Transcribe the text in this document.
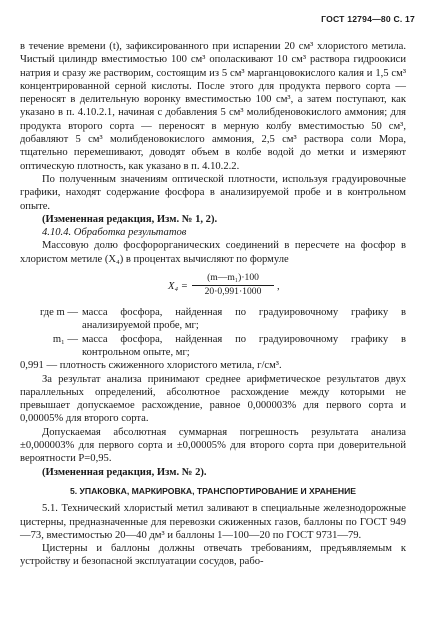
ГОСТ 12794—80 С. 17

в течение времени (t), зафиксированного при испарении 20 см³ хлористого метила. Чистый цилиндр вместимостью 100 см³ ополаскивают 10 см³ раствора гидроокиси натрия и сразу же растворим, состоящим из 5 см³ марганцовокислого калия и 1,5 см³ концентрированной серной кислоты. После этого для продукта первого сорта — переносят в делительную воронку вместимостью 100 см³, а затем поступают, как указано в п. 4.10.2.1, начиная с добавления 5 см³ молибденовокислого аммония; для продукта второго сорта — переносят в мерную колбу вместимостью 50 см³, добавляют 5 см³ молибденовокислого аммония, 2,5 см³ раствора соли Мора, тщательно перемешивают, доводят объем в колбе водой до метки и измеряют оптическую плотность, как указано в п. 4.10.2.2.

По полученным значениям оптической плотности, используя градуировочные графики, находят содержание фосфора в анализируемой пробе и в контрольном опыте.

(Измененная редакция, Изм. № 1, 2).

4.10.4. Обработка результатов

Массовую долю фосфорорганических соединений в пересчете на фосфор в хлористом метиле (X₄) в процентах вычисляют по формуле

$X_4 = \frac{\text{(m—m₁)·100}}{20\cdot 0,991\cdot 1000}$ ,
где m — масса фосфора, найденная по градуировочному графику в анализируемой пробе, мг;
m₁ — масса фосфора, найденная по градуировочному графику в контрольном опыте, мг;

0,991 — плотность сжиженного хлористого метила, г/см³.

За результат анализа принимают среднее арифметическое результатов двух параллельных определений, абсолютное расхождение между которыми не превышает допускаемое расхождение, равное 0,000003% для первого сорта и 0,00005% для второго сорта.

Допускаемая абсолютная суммарная погрешность результата анализа ±0,000003% для первого сорта и ±0,00005% для второго сорта при доверительной вероятности P=0,95.

(Измененная редакция, Изм. № 2).

5. УПАКОВКА, МАРКИРОВКА, ТРАНСПОРТИРОВАНИЕ И ХРАНЕНИЕ

5.1. Технический хлористый метил заливают в специальные железнодорожные цистерны, предназначенные для перевозки сжиженных газов, баллоны по ГОСТ 949—73, вместимостью 20—40 дм³ и баллоны 1—100—20 по ГОСТ 9731—79.

Цистерны и баллоны должны отвечать требованиям, предъявляемым к устройству и безопасной эксплуатации сосудов, рабо-
